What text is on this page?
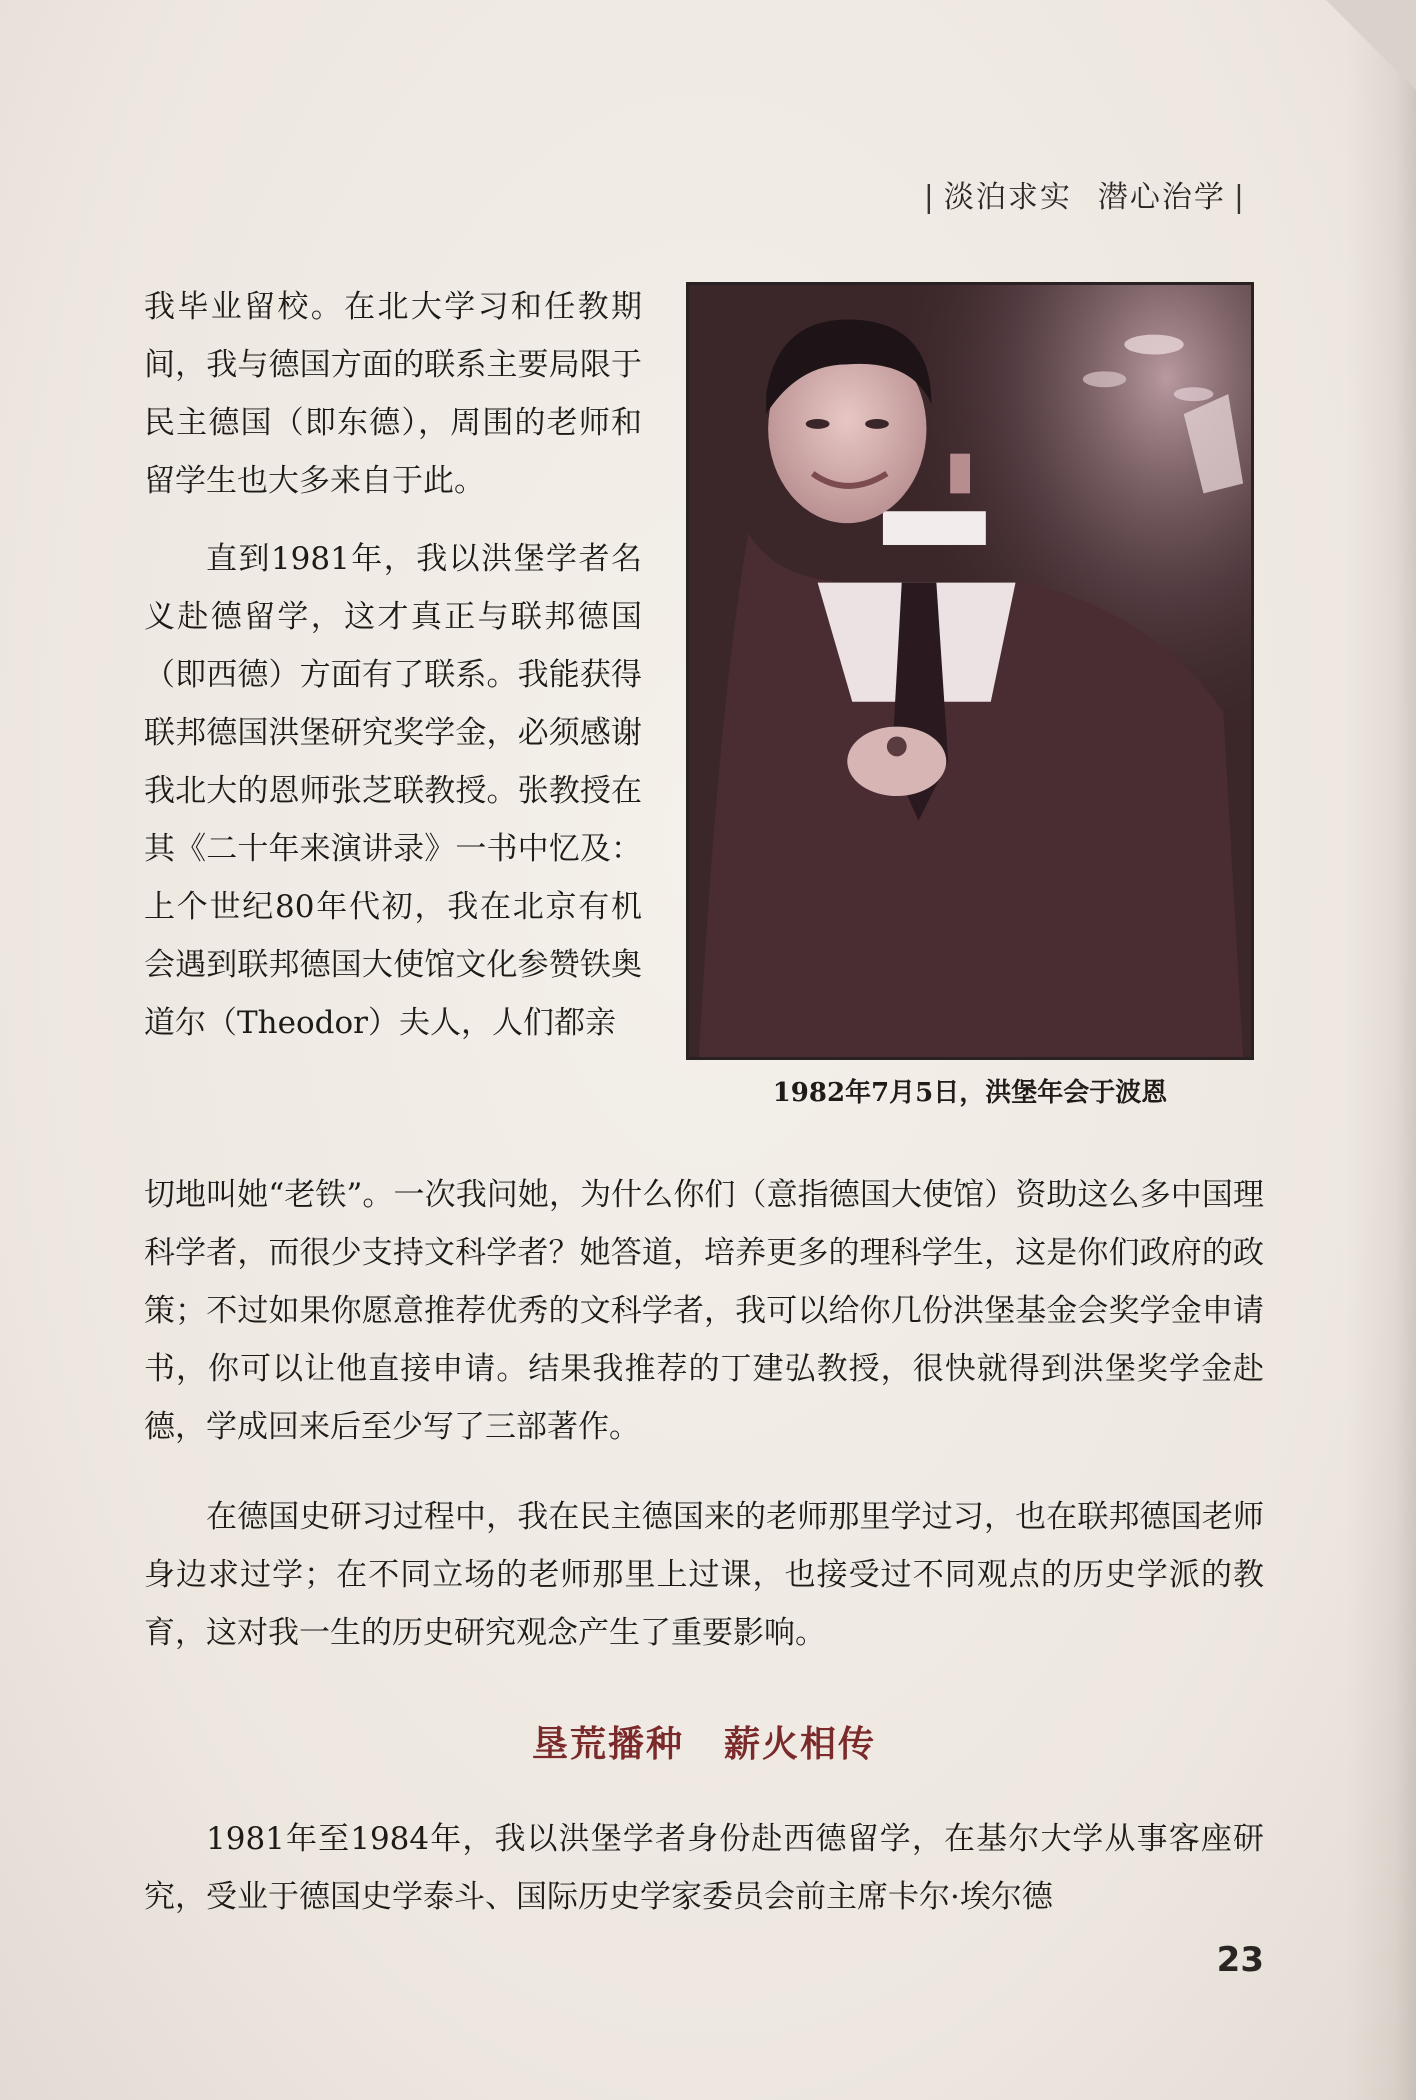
| 淡泊求实 潜心治学 |

我毕业留校。在北大学习和任教期间，我与德国方面的联系主要局限于民主德国（即东德），周围的老师和留学生也大多来自于此。

直到1981年，我以洪堡学者名义赴德留学，这才真正与联邦德国（即西德）方面有了联系。我能获得联邦德国洪堡研究奖学金，必须感谢我北大的恩师张芝联教授。张教授在其《二十年来演讲录》一书中忆及：上个世纪80年代初，我在北京有机会遇到联邦德国大使馆文化参赞铁奥道尔（Theodor）夫人，人们都亲

1982年7月5日，洪堡年会于波恩

切地叫她“老铁”。一次我问她，为什么你们（意指德国大使馆）资助这么多中国理科学者，而很少支持文科学者？她答道，培养更多的理科学生，这是你们政府的政策；不过如果你愿意推荐优秀的文科学者，我可以给你几份洪堡基金会奖学金申请书，你可以让他直接申请。结果我推荐的丁建弘教授，很快就得到洪堡奖学金赴德，学成回来后至少写了三部著作。

在德国史研习过程中，我在民主德国来的老师那里学过习，也在联邦德国老师身边求过学；在不同立场的老师那里上过课，也接受过不同观点的历史学派的教育，这对我一生的历史研究观念产生了重要影响。

垦荒播种 薪火相传

1981年至1984年，我以洪堡学者身份赴西德留学，在基尔大学从事客座研究，受业于德国史学泰斗、国际历史学家委员会前主席卡尔·埃尔德

23
